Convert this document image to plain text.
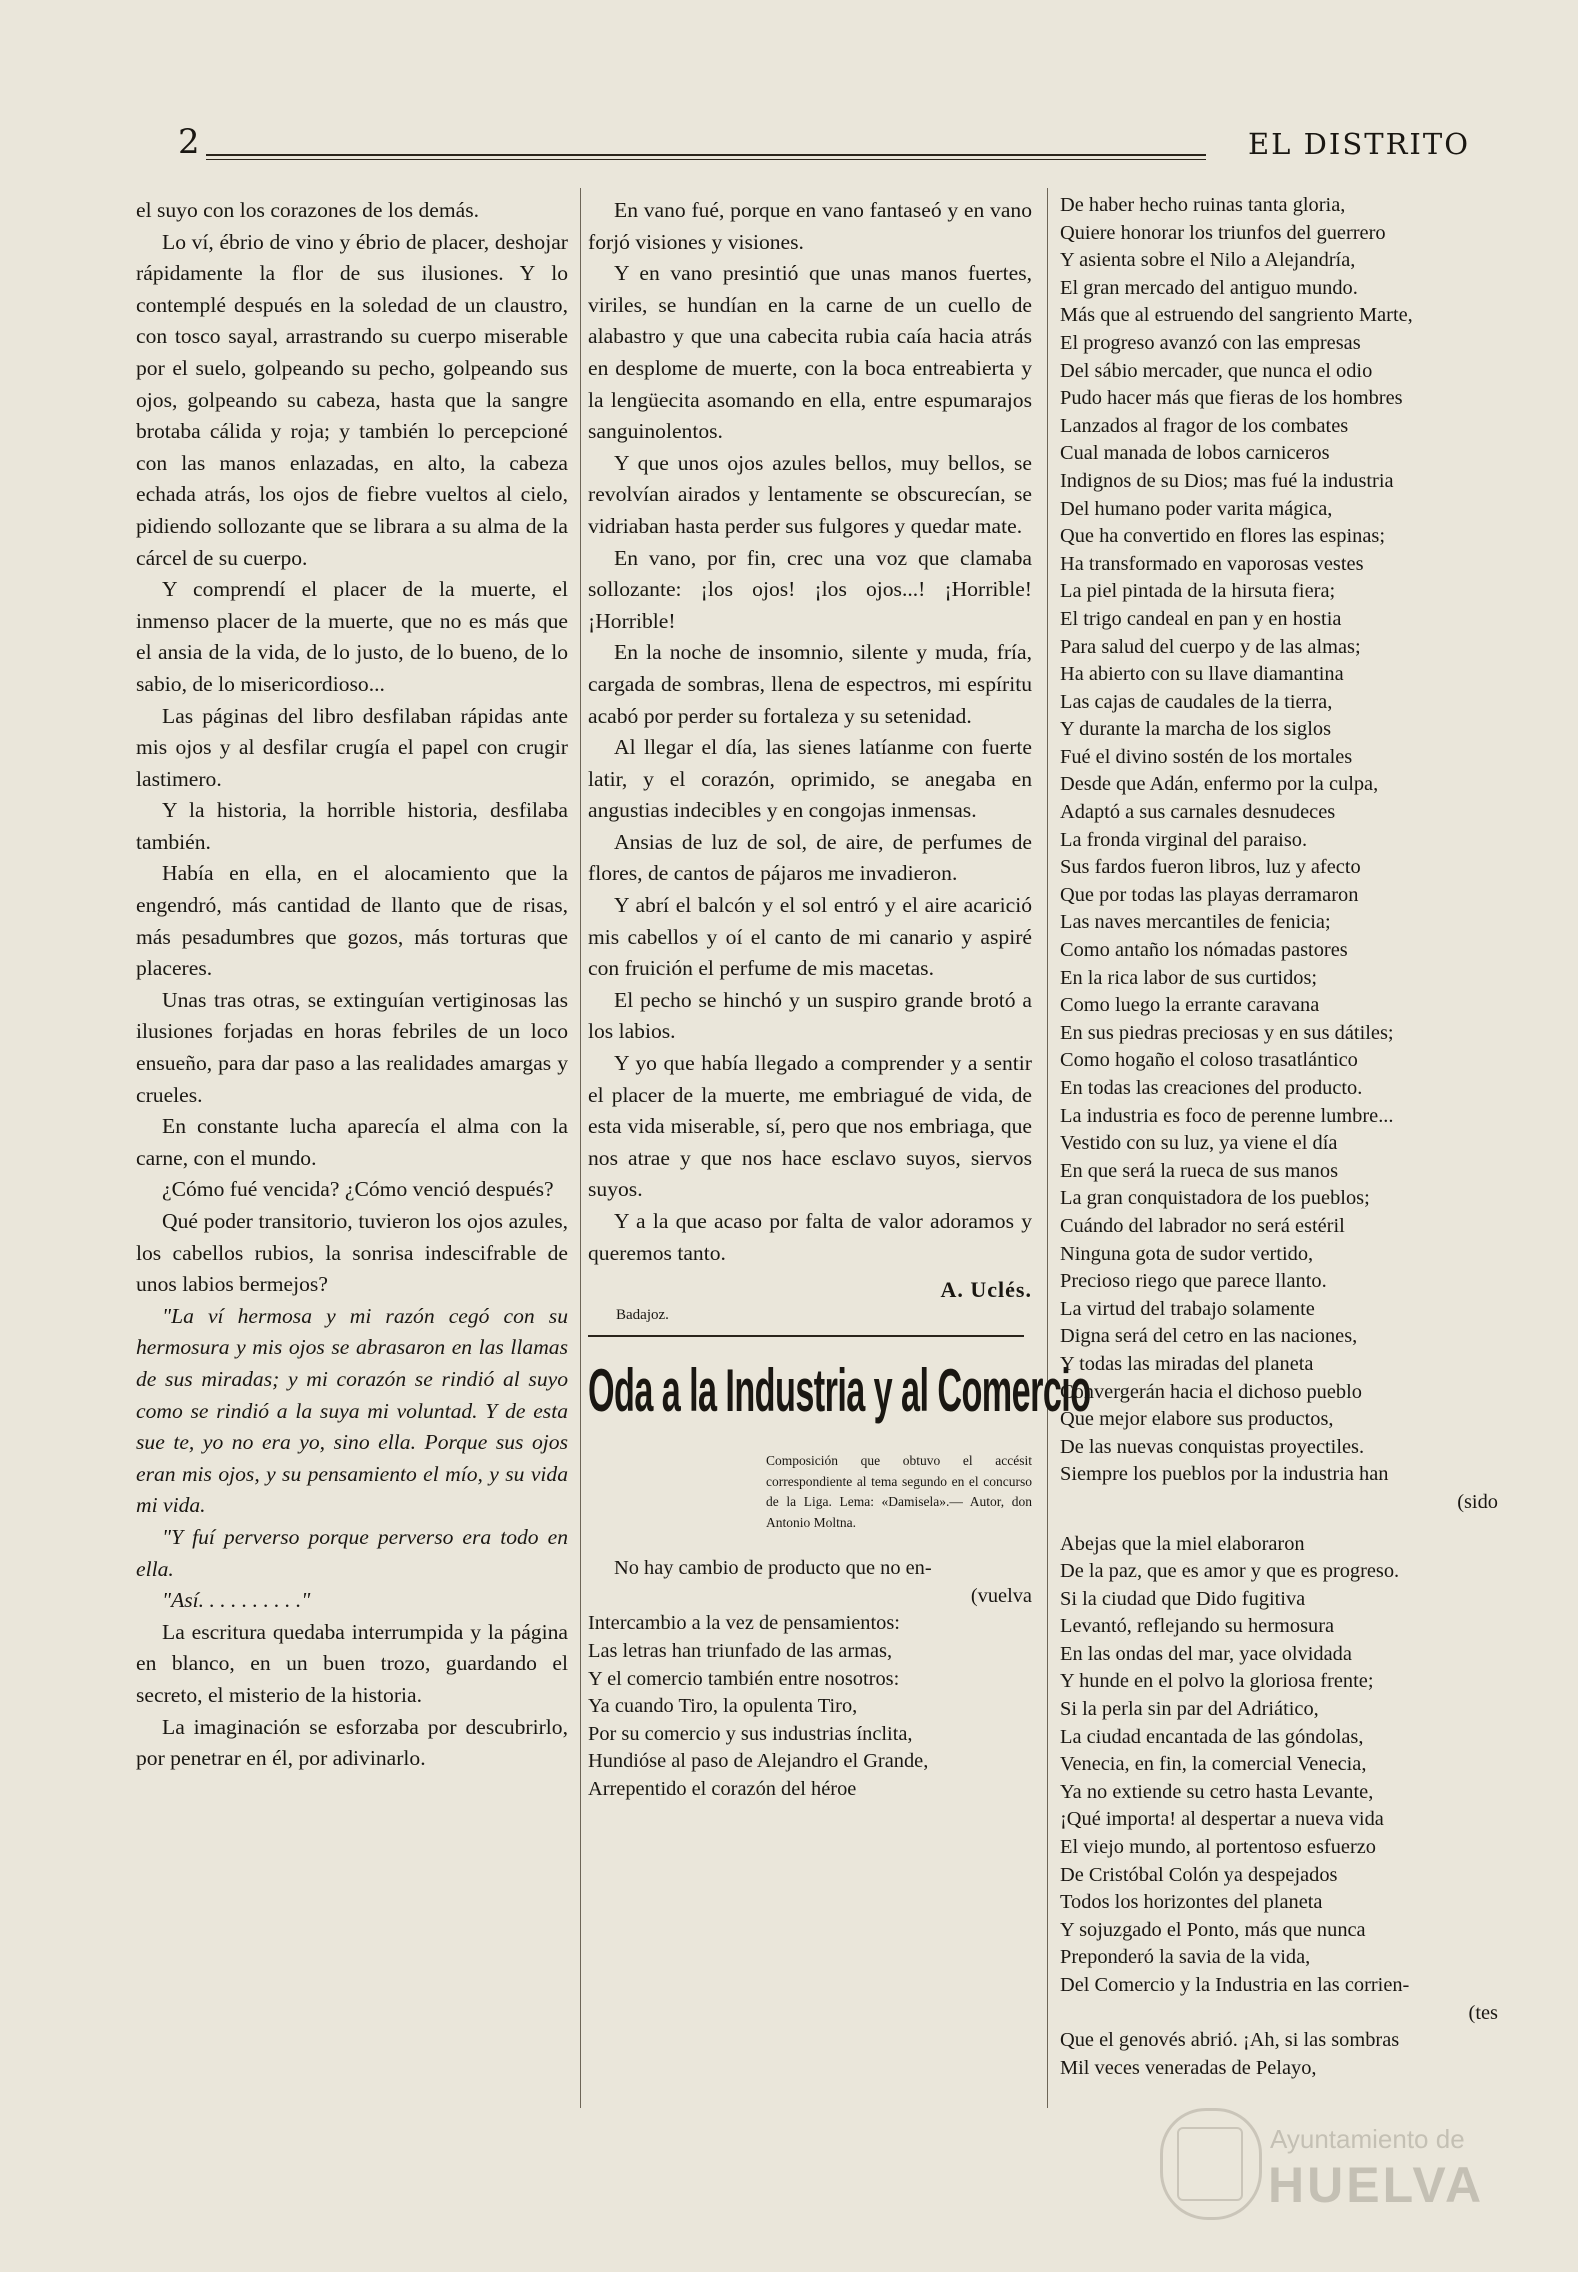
2	EL DISTRITO

el suyo con los corazones de los demás.

Lo ví, ébrio de vino y ébrio de placer, deshojar rápidamente la flor de sus ilusiones. Y lo contemplé después en la soledad de un claustro, con tosco sayal, arrastrando su cuerpo miserable por el suelo, golpeando su pecho, golpeando sus ojos, golpeando su cabeza, hasta que la sangre brotaba cálida y roja; y también lo percepcioné con las manos enlazadas, en alto, la cabeza echada atrás, los ojos de fiebre vueltos al cielo, pidiendo sollozante que se librara a su alma de la cárcel de su cuerpo.

Y comprendí el placer de la muerte, el inmenso placer de la muerte, que no es más que el ansia de la vida, de lo justo, de lo bueno, de lo sabio, de lo misericordioso...

Las páginas del libro desfilaban rápidas ante mis ojos y al desfilar crugía el papel con crugir lastimero.

Y la historia, la horrible historia, desfilaba también.

Había en ella, en el alocamiento que la engendró, más cantidad de llanto que de risas, más pesadumbres que gozos, más torturas que placeres.

Unas tras otras, se extinguían vertiginosas las ilusiones forjadas en horas febriles de un loco ensueño, para dar paso a las realidades amargas y crueles.

En constante lucha aparecía el alma con la carne, con el mundo.

¿Cómo fué vencida? ¿Cómo venció después?

Qué poder transitorio, tuvieron los ojos azules, los cabellos rubios, la sonrisa indescifrable de unos labios bermejos?

"La ví hermosa y mi razón cegó con su hermosura y mis ojos se abrasaron en las llamas de sus miradas; y mi corazón se rindió al suyo como se rindió a la suya mi voluntad. Y de esta sue te, yo no era yo, sino ella. Porque sus ojos eran mis ojos, y su pensamiento el mío, y su vida mi vida.

"Y fuí perverso porque perverso era todo en ella.

"Así. . . . . . . . . ."

La escritura quedaba interrumpida y la página en blanco, en un buen trozo, guardando el secreto, el misterio de la historia.

La imaginación se esforzaba por descubrirlo, por penetrar en él, por adivinarlo.

En vano fué, porque en vano fantaseó y en vano forjó visiones y visiones.

Y en vano presintió que unas manos fuertes, viriles, se hundían en la carne de un cuello de alabastro y que una cabecita rubia caía hacia atrás en desplome de muerte, con la boca entreabierta y la lengüecita asomando en ella, entre espumarajos sanguinolentos.

Y que unos ojos azules bellos, muy bellos, se revolvían airados y lentamente se obscurecían, se vidriaban hasta perder sus fulgores y quedar mate.

En vano, por fin, crec una voz que clamaba sollozante: ¡los ojos! ¡los ojos...! ¡Horrible! ¡Horrible!

En la noche de insomnio, silente y muda, fría, cargada de sombras, llena de espectros, mi espíritu acabó por perder su fortaleza y su setenidad.

Al llegar el día, las sienes latíanme con fuerte latir, y el corazón, oprimido, se anegaba en angustias indecibles y en congojas inmensas.

Ansias de luz de sol, de aire, de perfumes de flores, de cantos de pájaros me invadieron.

Y abrí el balcón y el sol entró y el aire acarició mis cabellos y oí el canto de mi canario y aspiré con fruición el perfume de mis macetas.

El pecho se hinchó y un suspiro grande brotó a los labios.

Y yo que había llegado a comprender y a sentir el placer de la muerte, me embriagué de vida, de esta vida miserable, sí, pero que nos embriaga, que nos atrae y que nos hace esclavo suyos, siervos suyos.

Y a la que acaso por falta de valor adoramos y queremos tanto.

A. Uclés.

Badajoz.

Oda a la Industria y al Comercio

Composición que obtuvo el accésit correspondiente al tema segundo en el concurso de la Liga. Lema: «Damisela».— Autor, don Antonio Moltna.

No hay cambio de producto que no en-

(vuelva

Intercambio a la vez de pensamientos:

Las letras han triunfado de las armas,

Y el comercio también entre nosotros:

Ya cuando Tiro, la opulenta Tiro,

Por su comercio y sus industrias ínclita,

Hundióse al paso de Alejandro el Grande,

Arrepentido el corazón del héroe

De haber hecho ruinas tanta gloria,

Quiere honorar los triunfos del guerrero

Y asienta sobre el Nilo a Alejandría,

El gran mercado del antiguo mundo.

Más que al estruendo del sangriento Marte,

El progreso avanzó con las empresas

Del sábio mercader, que nunca el odio

Pudo hacer más que fieras de los hombres

Lanzados al fragor de los combates

Cual manada de lobos carniceros

Indignos de su Dios; mas fué la industria

Del humano poder varita mágica,

Que ha convertido en flores las espinas;

Ha transformado en vaporosas vestes

La piel pintada de la hirsuta fiera;

El trigo candeal en pan y en hostia

Para salud del cuerpo y de las almas;

Ha abierto con su llave diamantina

Las cajas de caudales de la tierra,

Y durante la marcha de los siglos

Fué el divino sostén de los mortales

Desde que Adán, enfermo por la culpa,

Adaptó a sus carnales desnudeces

La fronda virginal del paraiso.

Sus fardos fueron libros, luz y afecto

Que por todas las playas derramaron

Las naves mercantiles de fenicia;

Como antaño los nómadas pastores

En la rica labor de sus curtidos;

Como luego la errante caravana

En sus piedras preciosas y en sus dátiles;

Como hogaño el coloso trasatlántico

En todas las creaciones del producto.

La industria es foco de perenne lumbre...

Vestido con su luz, ya viene el día

En que será la rueca de sus manos

La gran conquistadora de los pueblos;

Cuándo del labrador no será estéril

Ninguna gota de sudor vertido,

Precioso riego que parece llanto.

La virtud del trabajo solamente

Digna será del cetro en las naciones,

Y todas las miradas del planeta

Convergerán hacia el dichoso pueblo

Que mejor elabore sus productos,

De las nuevas conquistas proyectiles.

Siempre los pueblos por la industria han

(sido

Abejas que la miel elaboraron

De la paz, que es amor y que es progreso.

Si la ciudad que Dido fugitiva

Levantó, reflejando su hermosura

En las ondas del mar, yace olvidada

Y hunde en el polvo la gloriosa frente;

Si la perla sin par del Adriático,

La ciudad encantada de las góndolas,

Venecia, en fin, la comercial Venecia,

Ya no extiende su cetro hasta Levante,

¡Qué importa! al despertar a nueva vida

El viejo mundo, al portentoso esfuerzo

De Cristóbal Colón ya despejados

Todos los horizontes del planeta

Y sojuzgado el Ponto, más que nunca

Preponderó la savia de la vida,

Del Comercio y la Industria en las corrien-

(tes

Que el genovés abrió. ¡Ah, si las sombras

Mil veces veneradas de Pelayo,

Ayuntamiento de
HUELVA
